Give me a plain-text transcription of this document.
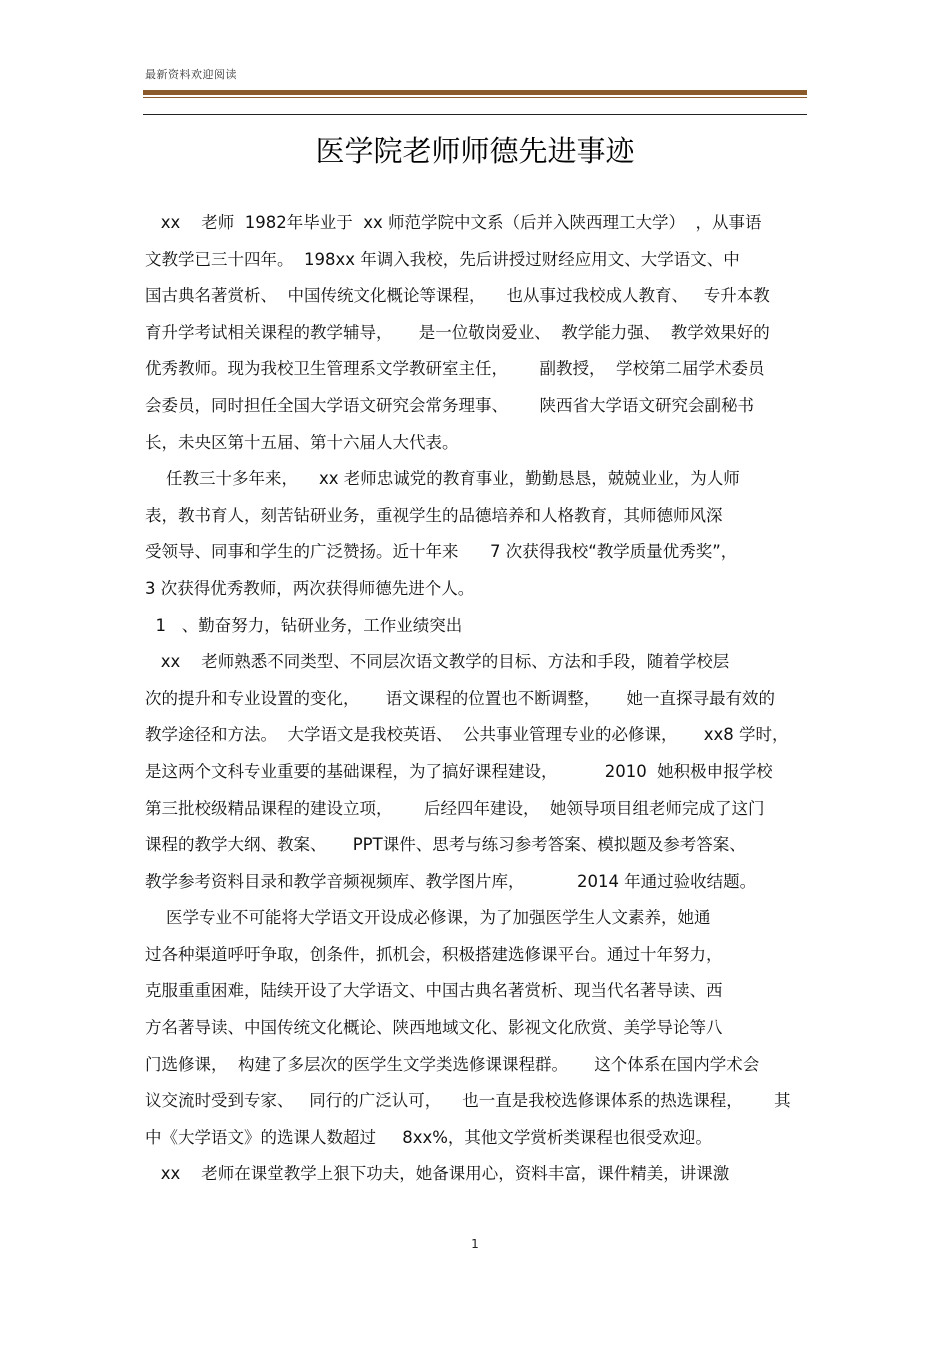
最新资料欢迎阅读
医学院老师师德先进事迹
xx    老师  1982年毕业于  xx 师范学院中文系（后并入陕西理工大学）  ，从事语
文教学已三十四年。  198xx 年调入我校，先后讲授过财经应用文、大学语文、中
国古典名著赏析、  中国传统文化概论等课程，    也从事过我校成人教育、   专升本教
育升学考试相关课程的教学辅导，     是一位敬岗爱业、  教学能力强、  教学效果好的
优秀教师。现为我校卫生管理系文学教研室主任，      副教授，  学校第二届学术委员
会委员，同时担任全国大学语文研究会常务理事、      陕西省大学语文研究会副秘书
长，未央区第十五届、第十六届人大代表。
任教三十多年来，    xx 老师忠诚党的教育事业，勤勤恳恳，兢兢业业，为人师
表，教书育人，刻苦钻研业务，重视学生的品德培养和人格教育，其师德师风深
受领导、同事和学生的广泛赞扬。近十年来      7 次获得我校“教学质量优秀奖”，
3 次获得优秀教师，两次获得师德先进个人。
1   、勤奋努力，钻研业务，工作业绩突出
xx    老师熟悉不同类型、不同层次语文教学的目标、方法和手段，随着学校层
次的提升和专业设置的变化，     语文课程的位置也不断调整，     她一直探寻最有效的
教学途径和方法。  大学语文是我校英语、  公共事业管理专业的必修课，     xx8 学时，
是这两个文科专业重要的基础课程，为了搞好课程建设，         2010  她积极申报学校
第三批校级精品课程的建设立项，      后经四年建设，  她领导项目组老师完成了这门
课程的教学大纲、教案、     PPT课件、思考与练习参考答案、模拟题及参考答案、
教学参考资料目录和教学音频视频库、教学图片库，          2014 年通过验收结题。
医学专业不可能将大学语文开设成必修课，为了加强医学生人文素养，她通
过各种渠道呼吁争取，创条件，抓机会，积极搭建选修课平台。通过十年努力，
克服重重困难，陆续开设了大学语文、中国古典名著赏析、现当代名著导读、西
方名著导读、中国传统文化概论、陕西地域文化、影视文化欣赏、美学导论等八
门选修课，  构建了多层次的医学生文学类选修课课程群。     这个体系在国内学术会
议交流时受到专家、   同行的广泛认可，    也一直是我校选修课体系的热选课程，      其
中《大学语文》的选课人数超过     8xx%，其他文学赏析类课程也很受欢迎。
xx    老师在课堂教学上狠下功夫，她备课用心，资料丰富，课件精美，讲课激
1
